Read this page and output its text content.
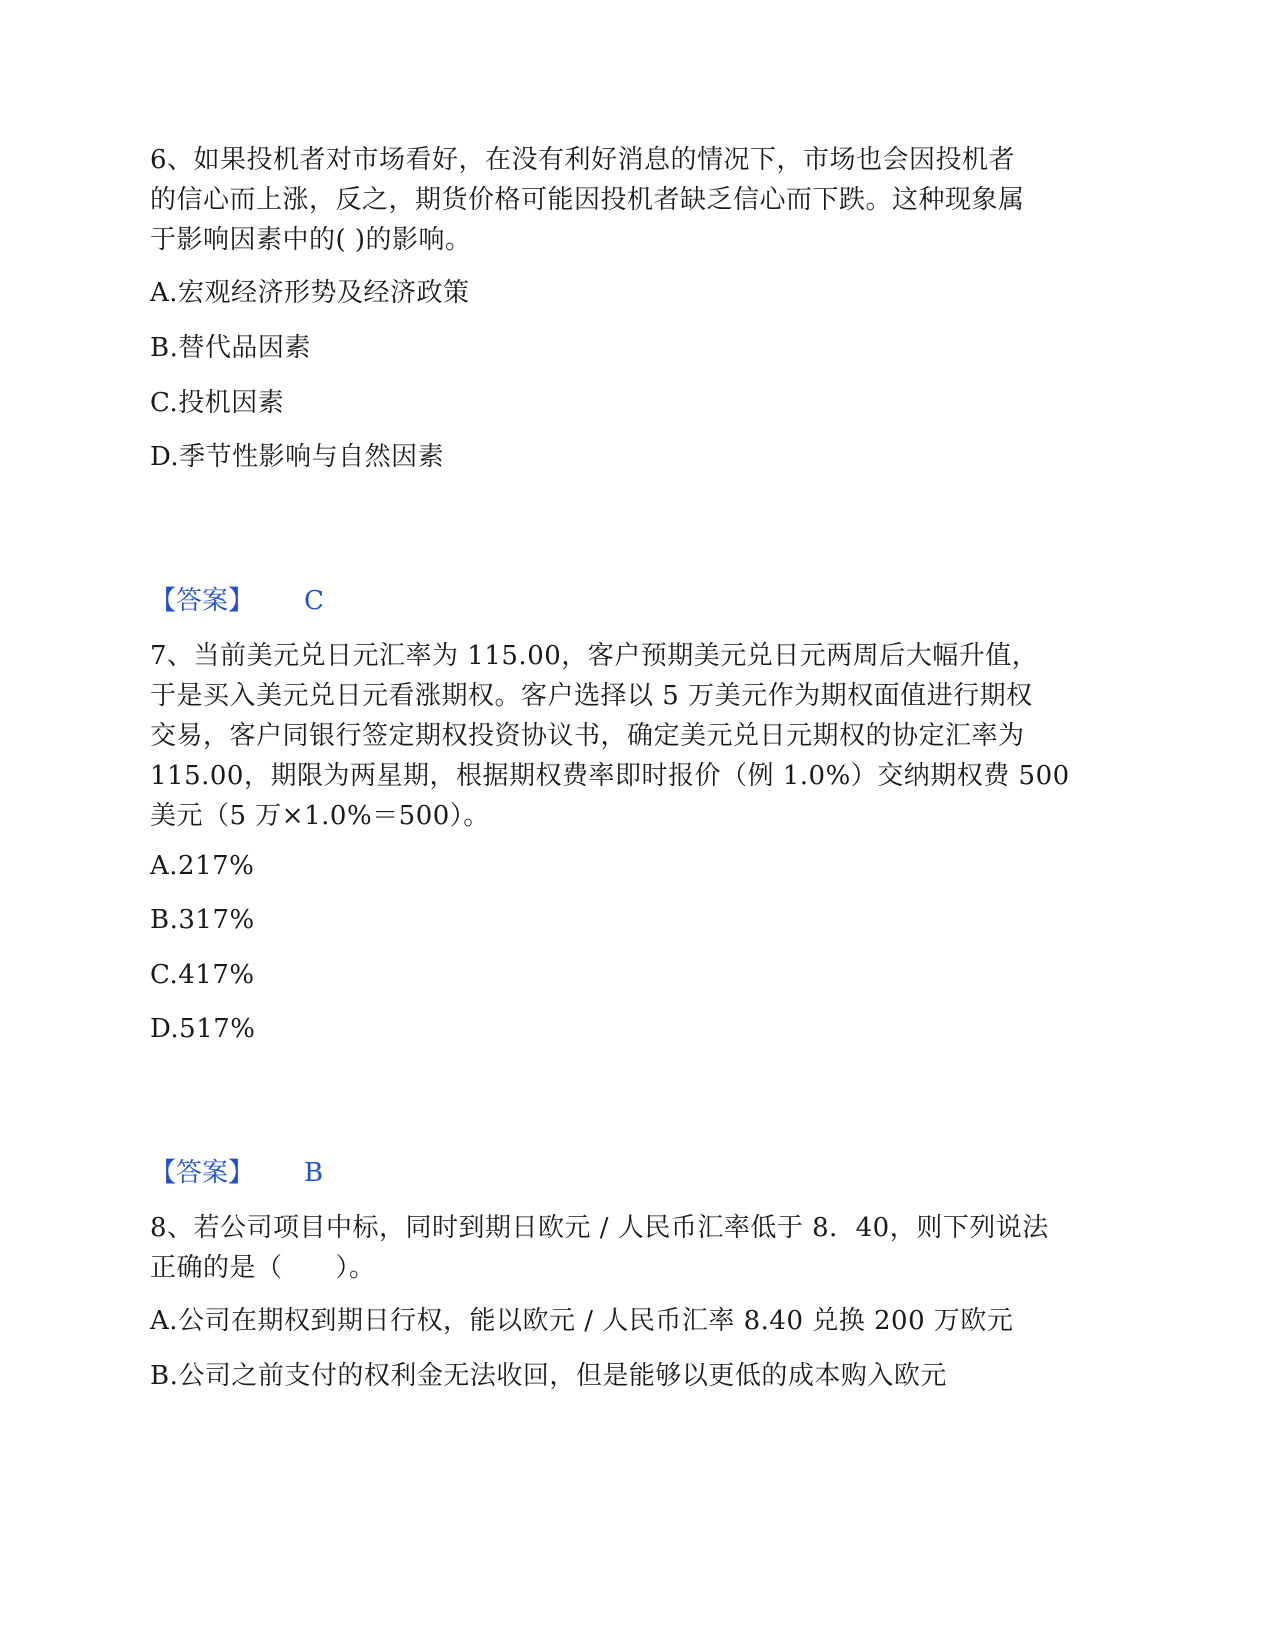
6、如果投机者对市场看好，在没有利好消息的情况下，市场也会因投机者
的信心而上涨，反之，期货价格可能因投机者缺乏信心而下跌。这种现象属
于影响因素中的( )的影响。

A.宏观经济形势及经济政策
B.替代品因素
C.投机因素
D.季节性影响与自然因素
【答案】 C

7、当前美元兑日元汇率为 115.00，客户预期美元兑日元两周后大幅升值，
于是买入美元兑日元看涨期权。客户选择以 5 万美元作为期权面值进行期权
交易，客户同银行签定期权投资协议书，确定美元兑日元期权的协定汇率为
115.00，期限为两星期，根据期权费率即时报价（例 1.0%）交纳期权费 500
美元（5 万×1.0%＝500）。

A.217%
B.317%
C.417%
D.517%
【答案】 B

8、若公司项目中标，同时到期日欧元 / 人民币汇率低于 8．40，则下列说法
正确的是（　　）。

A.公司在期权到期日行权，能以欧元 / 人民币汇率 8.40 兑换 200 万欧元
B.公司之前支付的权利金无法收回，但是能够以更低的成本购入欧元
